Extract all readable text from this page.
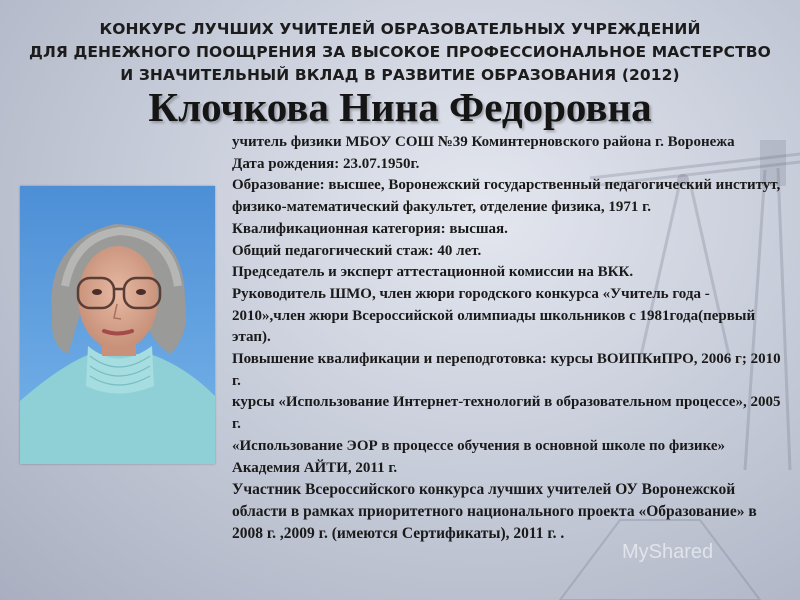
КОНКУРС ЛУЧШИХ УЧИТЕЛЕЙ ОБРАЗОВАТЕЛЬНЫХ УЧРЕЖДЕНИЙ
ДЛЯ ДЕНЕЖНОГО ПООЩРЕНИЯ ЗА ВЫСОКОЕ ПРОФЕССИОНАЛЬНОЕ МАСТЕРСТВО
И ЗНАЧИТЕЛЬНЫЙ ВКЛАД В РАЗВИТИЕ ОБРАЗОВАНИЯ (2012)
Клочкова Нина Федоровна

учитель физики МБОУ СОШ №39 Коминтерновского района г. Воронежа

Дата рождения: 23.07.1950г.

Образование: высшее, Воронежский государственный педагогический институт, физико-математический факультет, отделение физика, 1971 г.

Квалификационная категория: высшая.

Общий педагогический стаж: 40 лет.

Председатель и эксперт аттестационной комиссии на ВКК.

Руководитель ШМО, член жюри городского конкурса «Учитель года - 2010»,член жюри Всероссийской олимпиады школьников с 1981года(первый этап).

Повышение квалификации и переподготовка: курсы ВОИПКиПРО, 2006 г; 2010 г.

курсы «Использование Интернет-технологий в образовательном процессе», 2005 г.

«Использование ЭОР в процессе обучения в основной школе по физике» Академия АЙТИ, 2011 г.

Участник Всероссийского конкурса лучших учителей ОУ Воронежской области в рамках приоритетного национального проекта «Образование» в 2008 г. ,2009 г. (имеются Сертификаты), 2011 г. .

MyShared
